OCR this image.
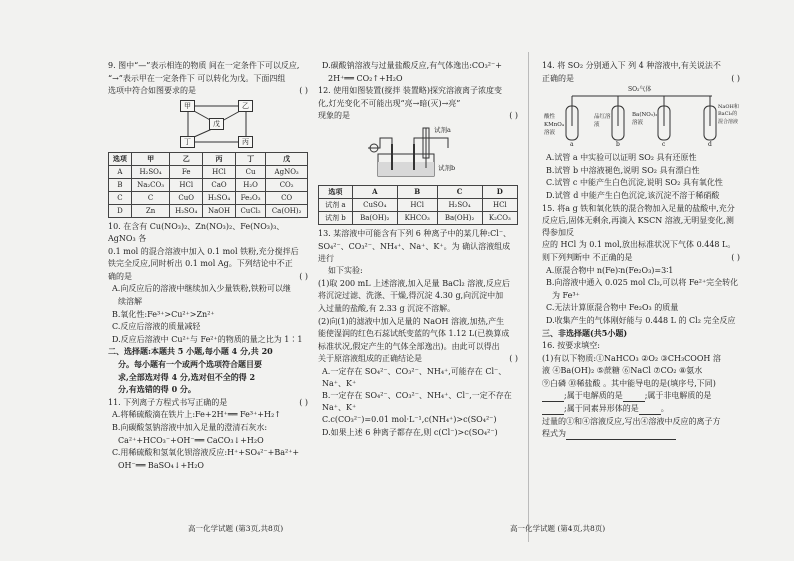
9. 图中“—”表示相连的物质 间在一定条件下可以反应,
“→”表示甲在一定条件下 可以转化为戊。下面四组
选项中符合如图要求的是	( )
甲	乙
戊
丁	丙
选项	甲	乙	丙	丁	戊
A	H₂SO₄	Fe	HCl	Cu	AgNO₃
B	Na₂CO₃	HCl	CaO	H₂O	CO₂
C	C	CuO	H₂SO₄	Fe₂O₃	CO
D	Zn	H₂SO₄	NaOH	CuCl₂	Ca(OH)₂
10. 在含有 Cu(NO₃)₂、Zn(NO₃)₂、Fe(NO₃)₃、AgNO₃ 各
0.1 mol 的混合溶液中加入 0.1 mol 铁粉,充分搅拌后
铁完全反应,同时析出 0.1 mol Ag。下列结论中不正
确的是	( )
A.向反应后的溶液中继续加入少量铁粉,铁粉可以继
续溶解
B.氧化性:Fe³⁺>Cu²⁺>Zn²⁺
C.反应后溶液的质量减轻
D.反应后溶液中 Cu²⁺与 Fe²⁺的物质的量之比为 1∶1
二、选择题:本题共 5 小题,每小题 4 分,共 20
分。每小题有一个或两个选项符合题目要
求,全部选对得 4 分,选对但不全的得 2
分,有选错的得 0 分。
11. 下列离子方程式书写正确的是	( )
A.将稀硫酸滴在铁片上:Fe+2H⁺══ Fe³⁺+H₂↑
B.向碳酸氢钠溶液中加入足量的澄清石灰水:
Ca²⁺+HCO₃⁻+OH⁻══ CaCO₃↓+H₂O
C.用稀硫酸和氢氧化钡溶液反应:H⁺+SO₄²⁻+Ba²⁺+
OH⁻══ BaSO₄↓+H₂O
高一化学试题 (第3页,共8页)
D.碳酸钠溶液与过量盐酸反应,有气体逸出:CO₃²⁻+
2H⁺══ CO₂↑+H₂O
12. 使用如图装置(搅拌 装置略)探究溶液离子浓度变
化,灯光变化不可能出现“亮→暗(灭)→亮”
现象的是	( )
试剂a
试剂b
选项	A	B	C	D
试剂 a	CuSO₄	HCl	H₂SO₄	HCl
试剂 b	Ba(OH)₂	KHCO₃	Ba(OH)₂	K₂CO₃
13. 某溶液中可能含有下列 6 种离子中的某几种:Cl⁻、
SO₄²⁻、CO₃²⁻、NH₄⁺、Na⁺、K⁺。为 确认溶液组成进行
如下实验:
(1)取 200 mL 上述溶液,加入足量 BaCl₂ 溶液,反应后
将沉淀过滤、洗涤、干燥,得沉淀 4.30 g,向沉淀中加
入过量的盐酸,有 2.33 g 沉淀不溶解。
(2)向(1)的滤液中加入足量的 NaOH 溶液,加热,产生
能使湿润的红色石蕊试纸变蓝的气体 1.12 L(已换算成
标准状况,假定产生的气体全部逸出)。由此可以得出
关于原溶液组成的正确结论是	( )
A.一定存在 SO₄²⁻、CO₃²⁻、NH₄⁺,可能存在 Cl⁻、Na⁺、K⁺
B.一定存在 SO₄²⁻、CO₃²⁻、NH₄⁺、Cl⁻,一定不存在 Na⁺、K⁺
C.c(CO₃²⁻)=0.01 mol·L⁻¹,c(NH₄⁺)>c(SO₄²⁻)
D.如果上述 6 种离子都存在,则 c(Cl⁻)>c(SO₄²⁻)
高一化学试题 (第4页,共8页)
14. 将 SO₂ 分别通入下 列 4 种溶液中,有关说法不
正确的是	( )
SO₂气体
酸性KMnO₄溶液
品红溶液
Ba(NO₃)₂溶液
NaOH和BaCl₂的混合溶液
a	b	c	d
A.试管 a 中实验可以证明 SO₂ 具有还原性
B.试管 b 中溶液褪色,说明 SO₂ 具有漂白性
C.试管 c 中能产生白色沉淀,说明 SO₂ 具有氧化性
D.试管 d 中能产生白色沉淀,该沉淀不溶于稀硝酸
15. 将a g 铁和氧化铁的混合物加入足量的盐酸中,充分
反应后,固体无剩余,再滴入 KSCN 溶液,无明显变化,测得参加反
应的 HCl 为 0.1 mol,放出标准状况下气体 0.448 L。
则下列判断中 不正确的是	( )
A.原混合物中 n(Fe)∶n(Fe₂O₃)=3∶1
B.向溶液中通入 0.025 mol Cl₂,可以将 Fe²⁺完全转化
为 Fe³⁺
C.无法计算原混合物中 Fe₂O₃ 的质量
D.收集产生的气体刚好能与 0.448 L 的 Cl₂ 完全反应
三、非选择题(共5小题)
16. 按要求填空:
(1)有以下物质:①NaHCO₃ ②O₂ ③CH₃COOH 溶
液 ④Ba(OH)₂ ⑤蔗糖 ⑥NaCl ⑦CO₂ ⑧氨水
⑨白磷 ⑩稀盐酸 。其中能导电的是(填序号,下同)
;属于电解质的是	;属于非电解质的是
;属于同素异形体的是	。
过量的①和④溶液反应,写出④溶液中反应的离子方
程式为
